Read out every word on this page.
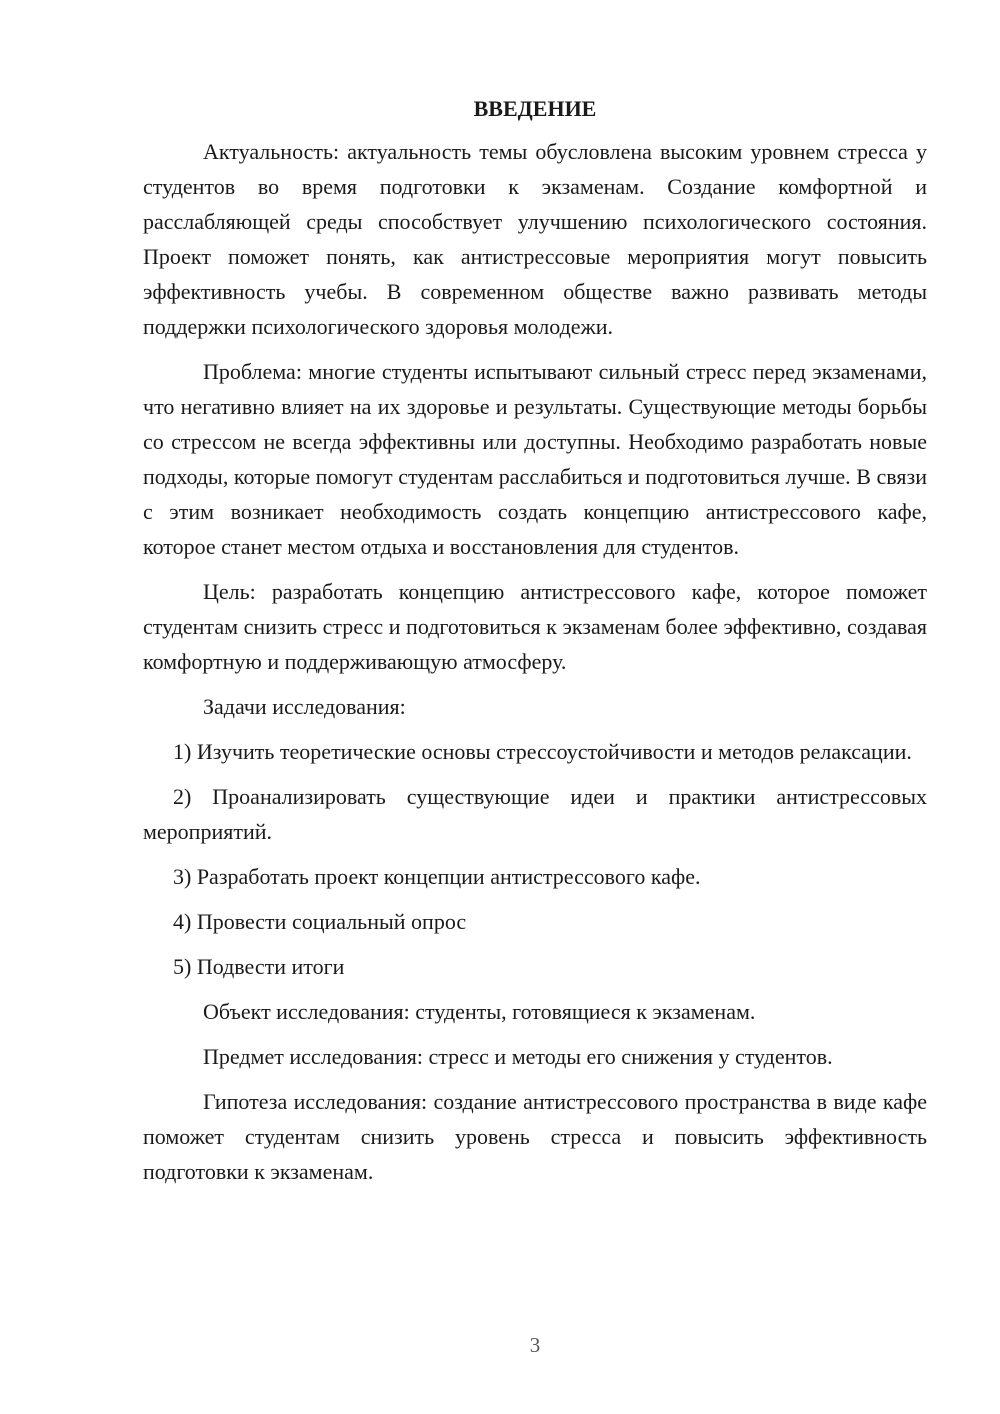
ВВЕДЕНИЕ

Актуальность: актуальность темы обусловлена высоким уровнем стресса у студентов во время подготовки к экзаменам. Создание комфортной и расслабляющей среды способствует улучшению психологического состояния. Проект поможет понять, как антистрессовые мероприятия могут повысить эффективность учебы. В современном обществе важно развивать методы поддержки психологического здоровья молодежи.

Проблема: многие студенты испытывают сильный стресс перед экзаменами, что негативно влияет на их здоровье и результаты. Существующие методы борьбы со стрессом не всегда эффективны или доступны. Необходимо разработать новые подходы, которые помогут студентам расслабиться и подготовиться лучше. В связи с этим возникает необходимость создать концепцию антистрессового кафе, которое станет местом отдыха и восстановления для студентов.

Цель: разработать концепцию антистрессового кафе, которое поможет студентам снизить стресс и подготовиться к экзаменам более эффективно, создавая комфортную и поддерживающую атмосферу.

Задачи исследования:

1) Изучить теоретические основы стрессоустойчивости и методов релаксации.

2) Проанализировать существующие идеи и практики антистрессовых мероприятий.

3) Разработать проект концепции антистрессового кафе.

4) Провести социальный опрос

5) Подвести итоги

Объект исследования: студенты, готовящиеся к экзаменам.

Предмет исследования: стресс и методы его снижения у студентов.

Гипотеза исследования: создание антистрессового пространства в виде кафе поможет студентам снизить уровень стресса и повысить эффективность подготовки к экзаменам.

3
